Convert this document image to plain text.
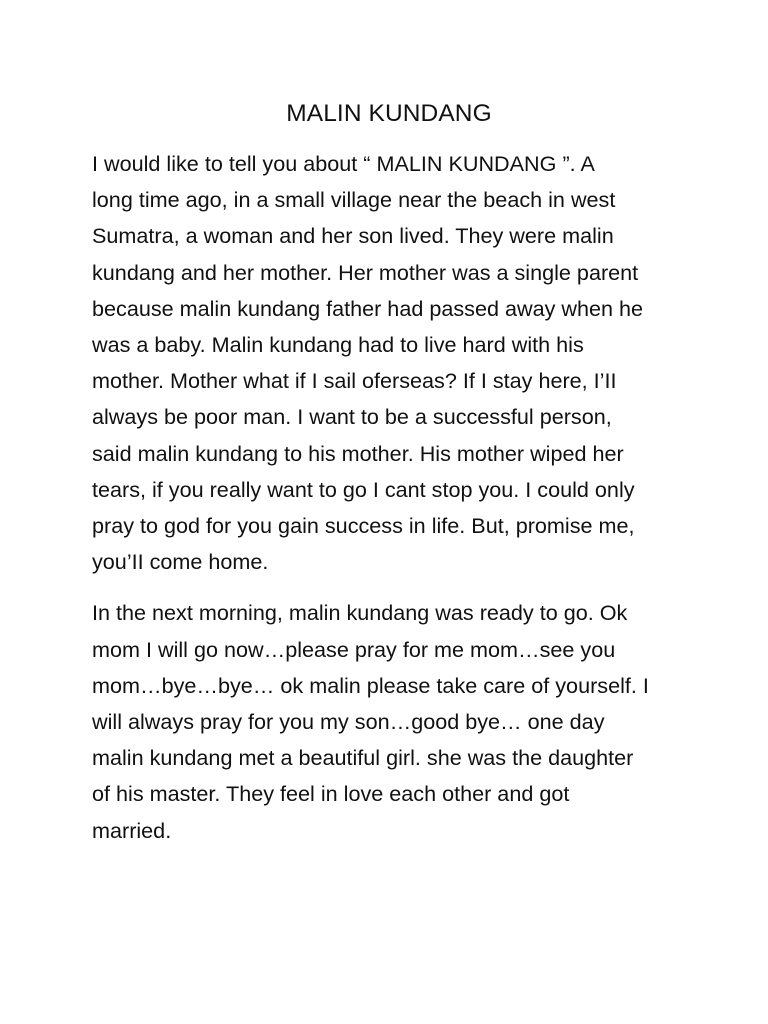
MALIN KUNDANG

I would like to tell you about “ MALIN KUNDANG ”. A
long time ago, in a small village near the beach in west
Sumatra, a woman and her son lived. They were malin
kundang and her mother. Her mother was a single parent
because malin kundang father had passed away when he
was a baby. Malin kundang had to live hard with his
mother. Mother what if I sail oferseas? If I stay here, I’II
always be poor man. I want to be a successful person,
said malin kundang to his mother. His mother wiped her
tears, if you really want to go I cant stop you. I could only
pray to god for you gain success in life. But, promise me,
you’II come home.

In the next morning, malin kundang was ready to go. Ok
mom I will go now…please pray for me mom…see you
mom…bye…bye… ok malin please take care of yourself. I
will always pray for you my son…good bye… one day
malin kundang met a beautiful girl. she was the daughter
of his master. They feel in love each other and got
married.
